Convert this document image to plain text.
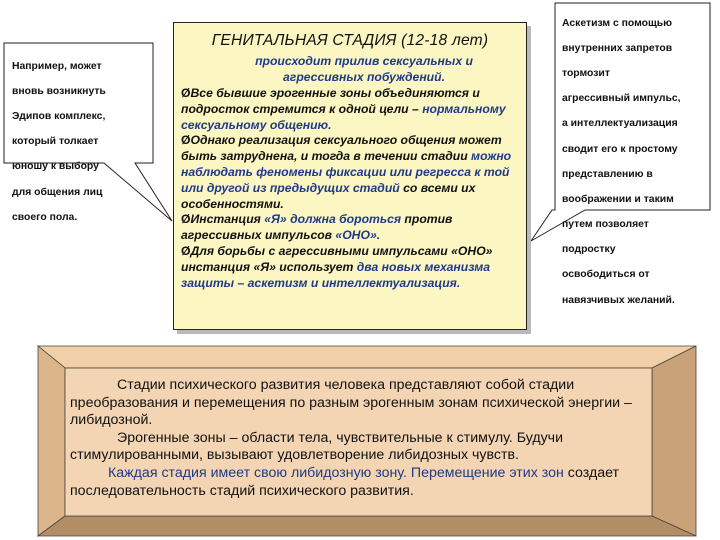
Например, может

вновь возникнуть

Эдипов комплекс,

который толкает

юношу к выбору

для общения лиц

своего пола.

Аскетизм с помощью

внутренних запретов

тормозит

агрессивный импульс,

а интеллектуализация

сводит его к простому

представлению в

воображении и таким

путем позволяет

подростку

освободиться от

навязчивых желаний.

ГЕНИТАЛЬНАЯ СТАДИЯ (12-18 лет)
происходит прилив сексуальных и агрессивных побуждений.

ØВсе бывшие эрогенные зоны объединяются и подросток стремится к одной цели – нормальному сексуальному общению.

ØОднако реализация сексуального общения может быть затруднена, и тогда в течении стадии можно наблюдать феномены фиксации или регресса к той или другой из предыдущих стадий со всеми их особенностями.

ØИнстанция «Я» должна бороться против агрессивных импульсов «ОНО».

ØДля борьбы с агрессивными импульсами «ОНО» инстанция «Я» использует два новых механизма защиты – аскетизм и интеллектуализация.

Стадии психического развития человека представляют собой стадии преобразования и перемещения по разным эрогенным зонам психической энергии – либидозной.

Эрогенные зоны – области тела, чувствительные к стимулу. Будучи стимулированными, вызывают удовлетворение либидозных чувств.

Каждая стадия имеет свою либидозную зону. Перемещение этих зон создает последовательность стадий психического развития.
